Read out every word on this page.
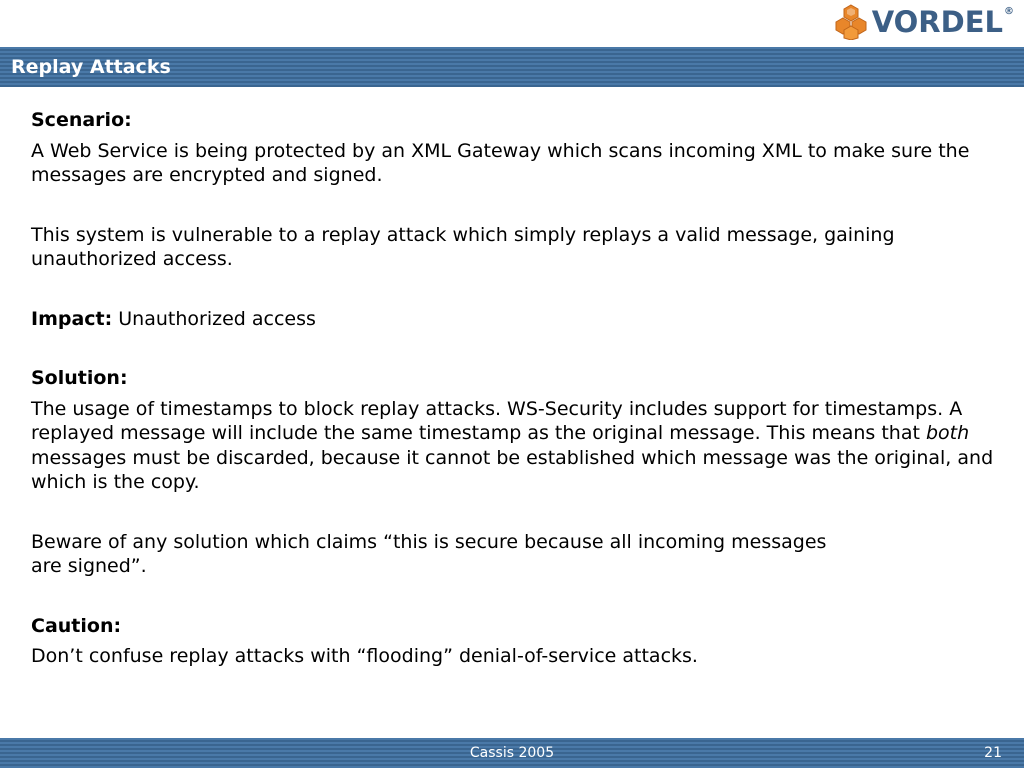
VORDEL ®
Replay Attacks

Scenario:

A Web Service is being protected by an XML Gateway which scans incoming XML to make sure the messages are encrypted and signed.

This system is vulnerable to a replay attack which simply replays a valid message, gaining unauthorized access.

Impact: Unauthorized access

Solution:

The usage of timestamps to block replay attacks. WS-Security includes support for timestamps. A replayed message will include the same timestamp as the original message. This means that both messages must be discarded, because it cannot be established which message was the original, and which is the copy.

Beware of any solution which claims “this is secure because all incoming messages

are signed”.

Caution:

Don’t confuse replay attacks with “flooding” denial-of-service attacks.

Cassis 2005	21
